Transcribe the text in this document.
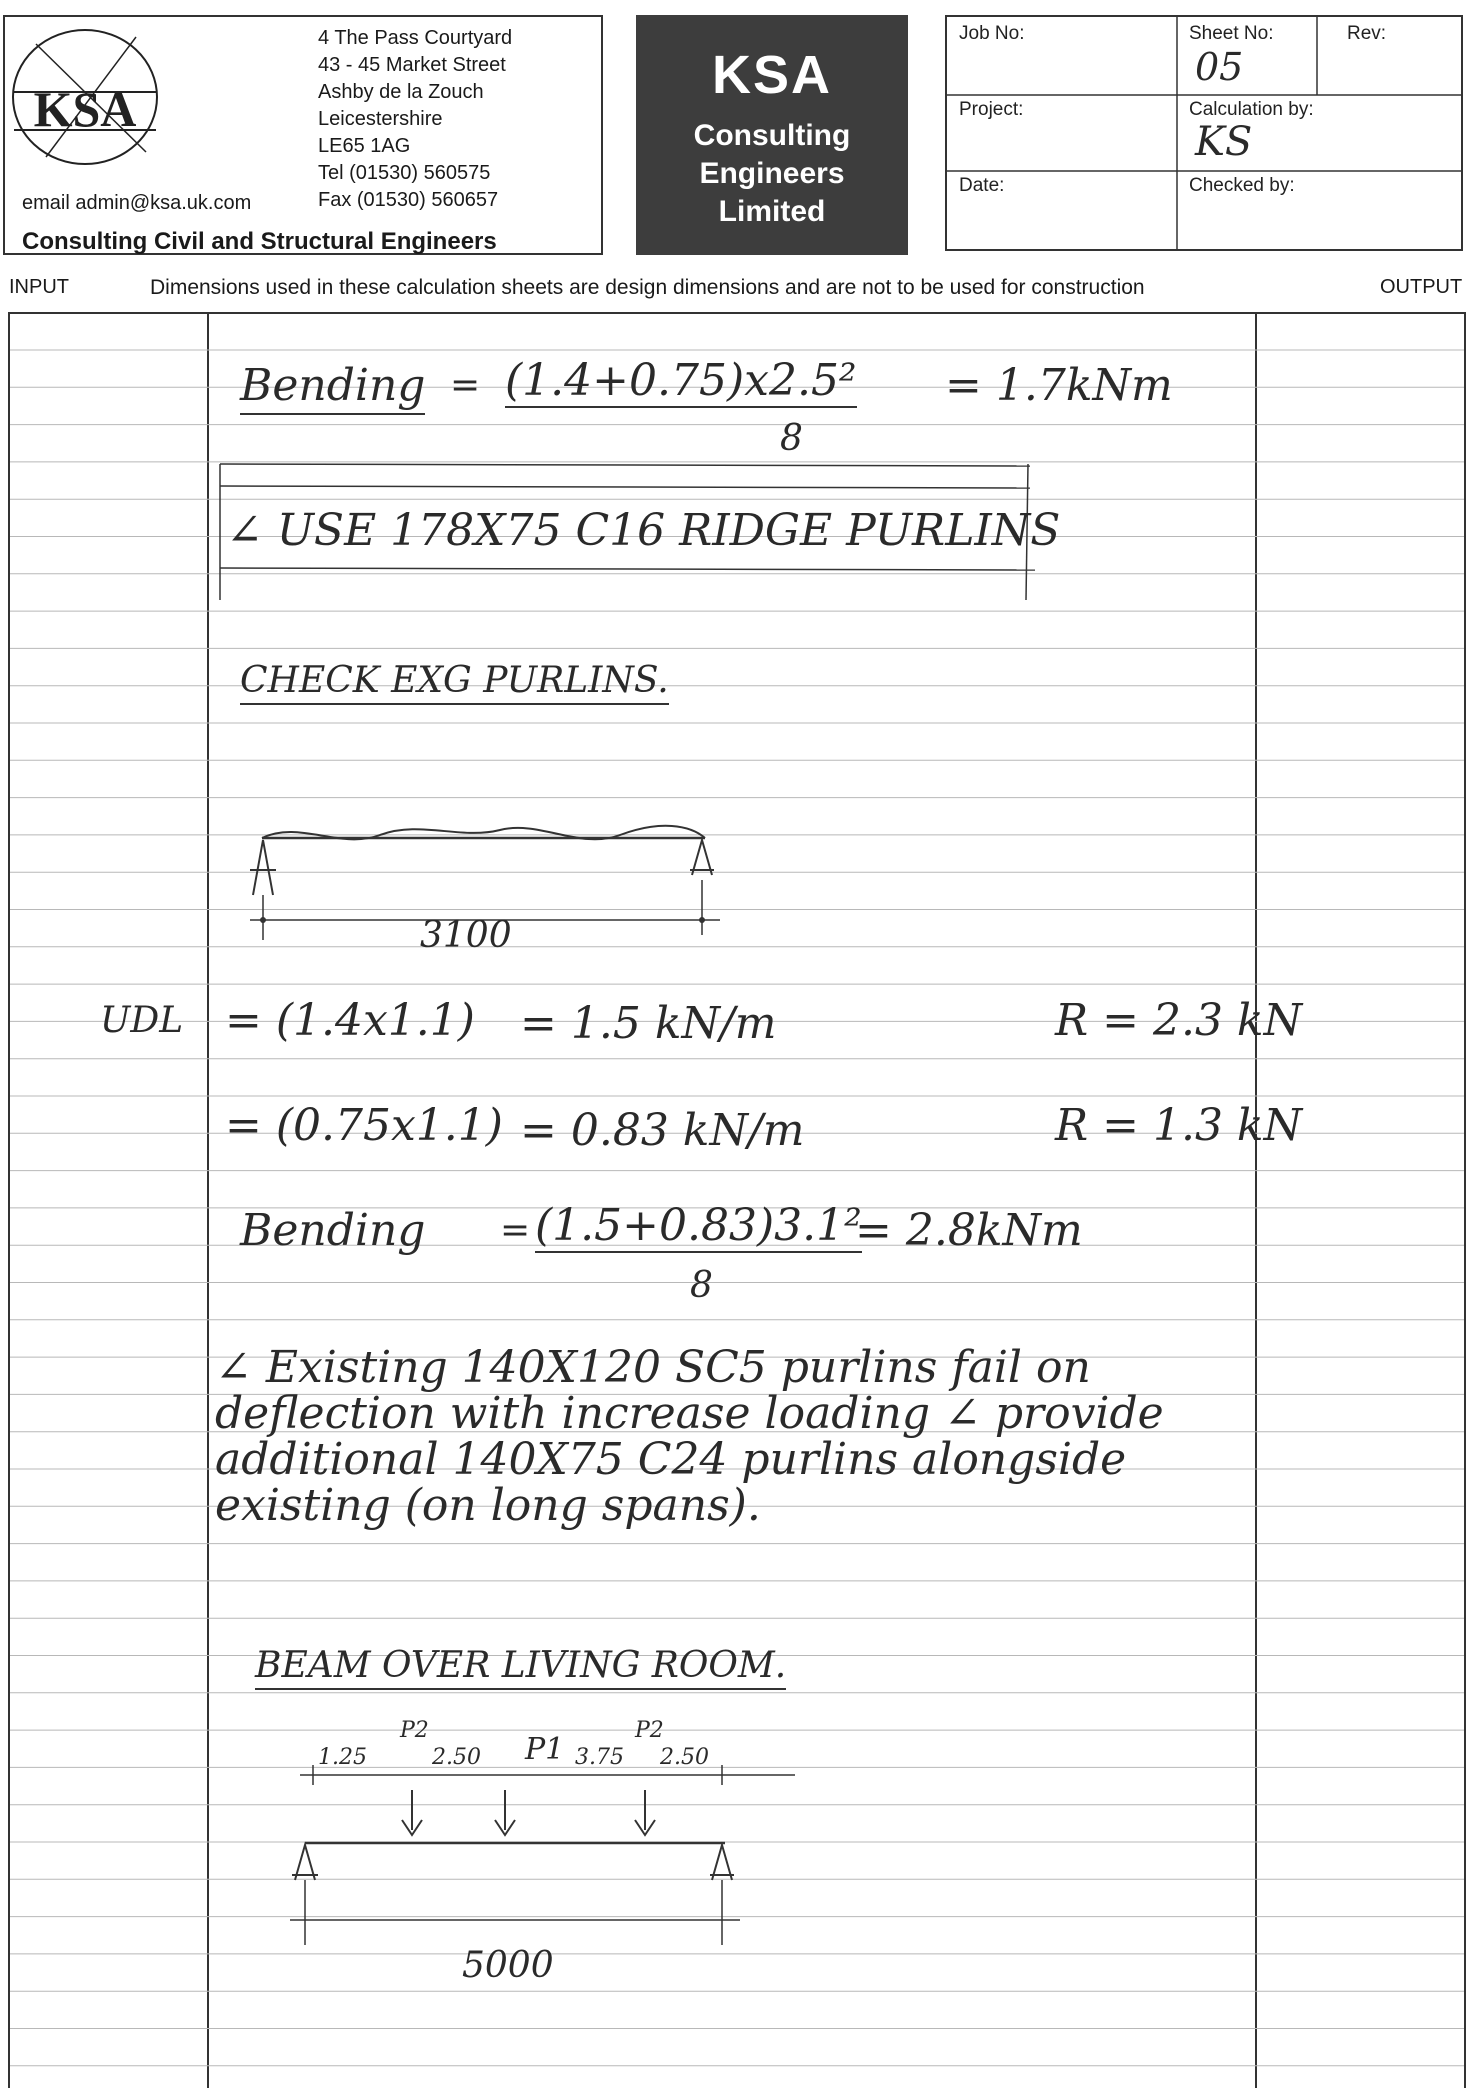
KSA
4 The Pass Courtyard
43 - 45 Market Street
Ashby de la Zouch
Leicestershire
LE65 1AG
Tel (01530) 560575
Fax (01530) 560657
email admin@ksa.uk.com
Consulting Civil and Structural Engineers
KSA
Consulting
Engineers
Limited
Job No:	Sheet No:
05
Rev:
Project:	Calculation by:
KS
Date:	Checked by:
INPUT	Dimensions used in these calculation sheets are design dimensions and are not to be used for construction	OUTPUT
Bending = (1.4+0.75)x2.5²
8
= 1.7kNm
∠ USE 178X75 C16 RIDGE PURLINS
CHECK EXG PURLINS.
3100
UDL = (1.4x1.1) = 1.5 kN/m	R = 2.3 kN
= (0.75x1.1) = 0.83 kN/m	R = 1.3 kN
Bending = (1.5+0.83)3.1²
8
= 2.8kNm
∠ Existing 140X120 SC5 purlins fail on
deflection with increase loading ∠ provide
additional 140X75 C24 purlins alongside
existing (on long spans).
BEAM OVER LIVING ROOM.
1.25
P2
2.50 P1 3.75
P2
2.50
5000
